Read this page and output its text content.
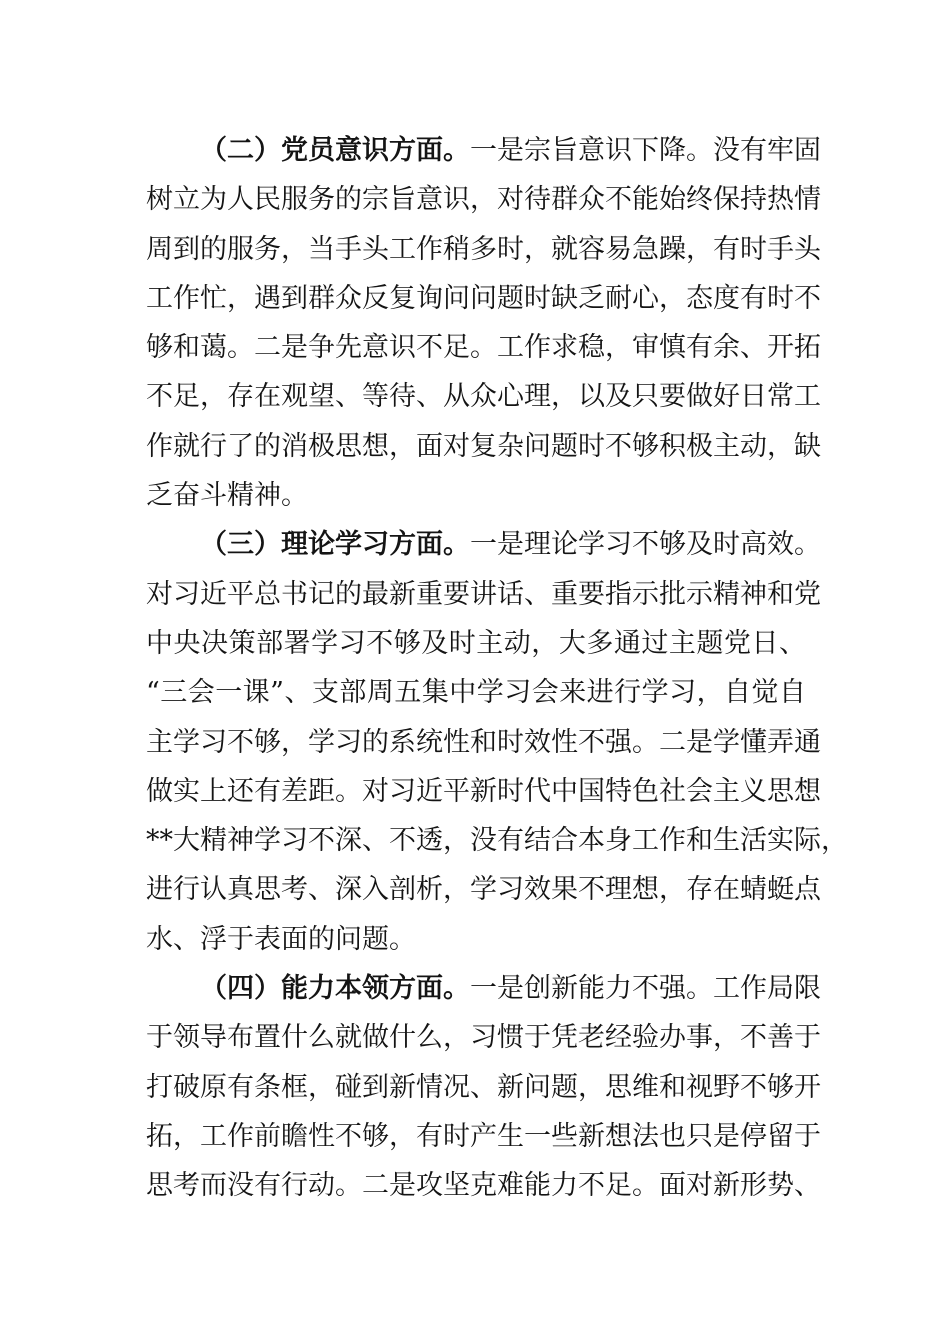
（二）党员意识方面。一是宗旨意识下降。没有牢固
树立为人民服务的宗旨意识，对待群众不能始终保持热情
周到的服务，当手头工作稍多时，就容易急躁，有时手头
工作忙，遇到群众反复询问问题时缺乏耐心，态度有时不
够和蔼。二是争先意识不足。工作求稳，审慎有余、开拓
不足，存在观望、等待、从众心理，以及只要做好日常工
作就行了的消极思想，面对复杂问题时不够积极主动，缺
乏奋斗精神。
（三）理论学习方面。一是理论学习不够及时高效。
对习近平总书记的最新重要讲话、重要指示批示精神和党
中央决策部署学习不够及时主动，大多通过主题党日、
“三会一课”、支部周五集中学习会来进行学习，自觉自
主学习不够，学习的系统性和时效性不强。二是学懂弄通
做实上还有差距。对习近平新时代中国特色社会主义思想
**大精神学习不深、不透，没有结合本身工作和生活实际，
进行认真思考、深入剖析，学习效果不理想，存在蜻蜓点
水、浮于表面的问题。
（四）能力本领方面。一是创新能力不强。工作局限
于领导布置什么就做什么，习惯于凭老经验办事，不善于
打破原有条框，碰到新情况、新问题，思维和视野不够开
拓，工作前瞻性不够，有时产生一些新想法也只是停留于
思考而没有行动。二是攻坚克难能力不足。面对新形势、
